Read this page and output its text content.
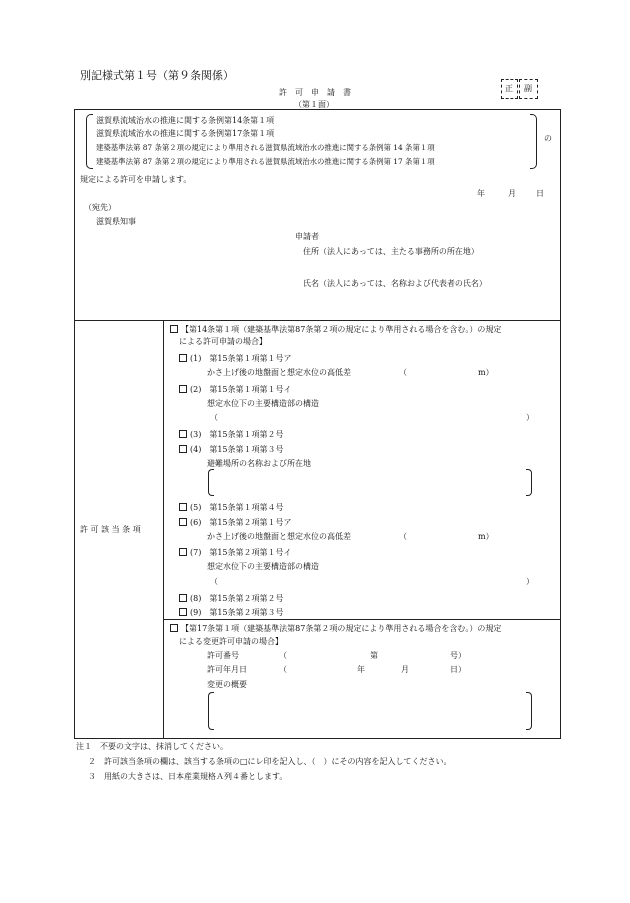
別記様式第１号（第９条関係）
許　可　申　請　書
（第１面）
正 副
滋賀県流域治水の推進に関する条例第14条第１項
滋賀県流域治水の推進に関する条例第17条第１項
建築基準法第 87 条第２項の規定により準用される滋賀県流域治水の推進に関する条例第 14 条第１項
建築基準法第 87 条第２項の規定により準用される滋賀県流域治水の推進に関する条例第 17 条第１項
の
規定による許可を申請します。
年	月	日
（宛先）
滋賀県知事
申請者
住所（法人にあっては、主たる事務所の所在地）
氏名（法人にあっては、名称および代表者の氏名）
許 可 該 当 条 項
【第14条第１項（建築基準法第87条第２項の規定により準用される場合を含む。）の規定
による許可申請の場合】
(1)　第15条第１項第１号ア
かさ上げ後の地盤面と想定水位の高低差	（	m）
(2)　第15条第１項第１号イ
想定水位下の主要構造部の構造
（	）
(3)　第15条第１項第２号
(4)　第15条第１項第３号
避難場所の名称および所在地
(5)　第15条第１項第４号
(6)　第15条第２項第１号ア
かさ上げ後の地盤面と想定水位の高低差	（	m）
(7)　第15条第２項第１号イ
想定水位下の主要構造部の構造
（	）
(8)　第15条第２項第２号
(9)　第15条第２項第３号
【第17条第１項（建築基準法第87条第２項の規定により準用される場合を含む。）の規定
による変更許可申請の場合】
許可番号	（	第	号）
許可年月日	（	年	月	日）
変更の概要
注１　不要の文字は、抹消してください。
２　許可該当条項の欄は、該当する条項の□にレ印を記入し、（　）にその内容を記入してください。
３　用紙の大きさは、日本産業規格Ａ列４番とします。
